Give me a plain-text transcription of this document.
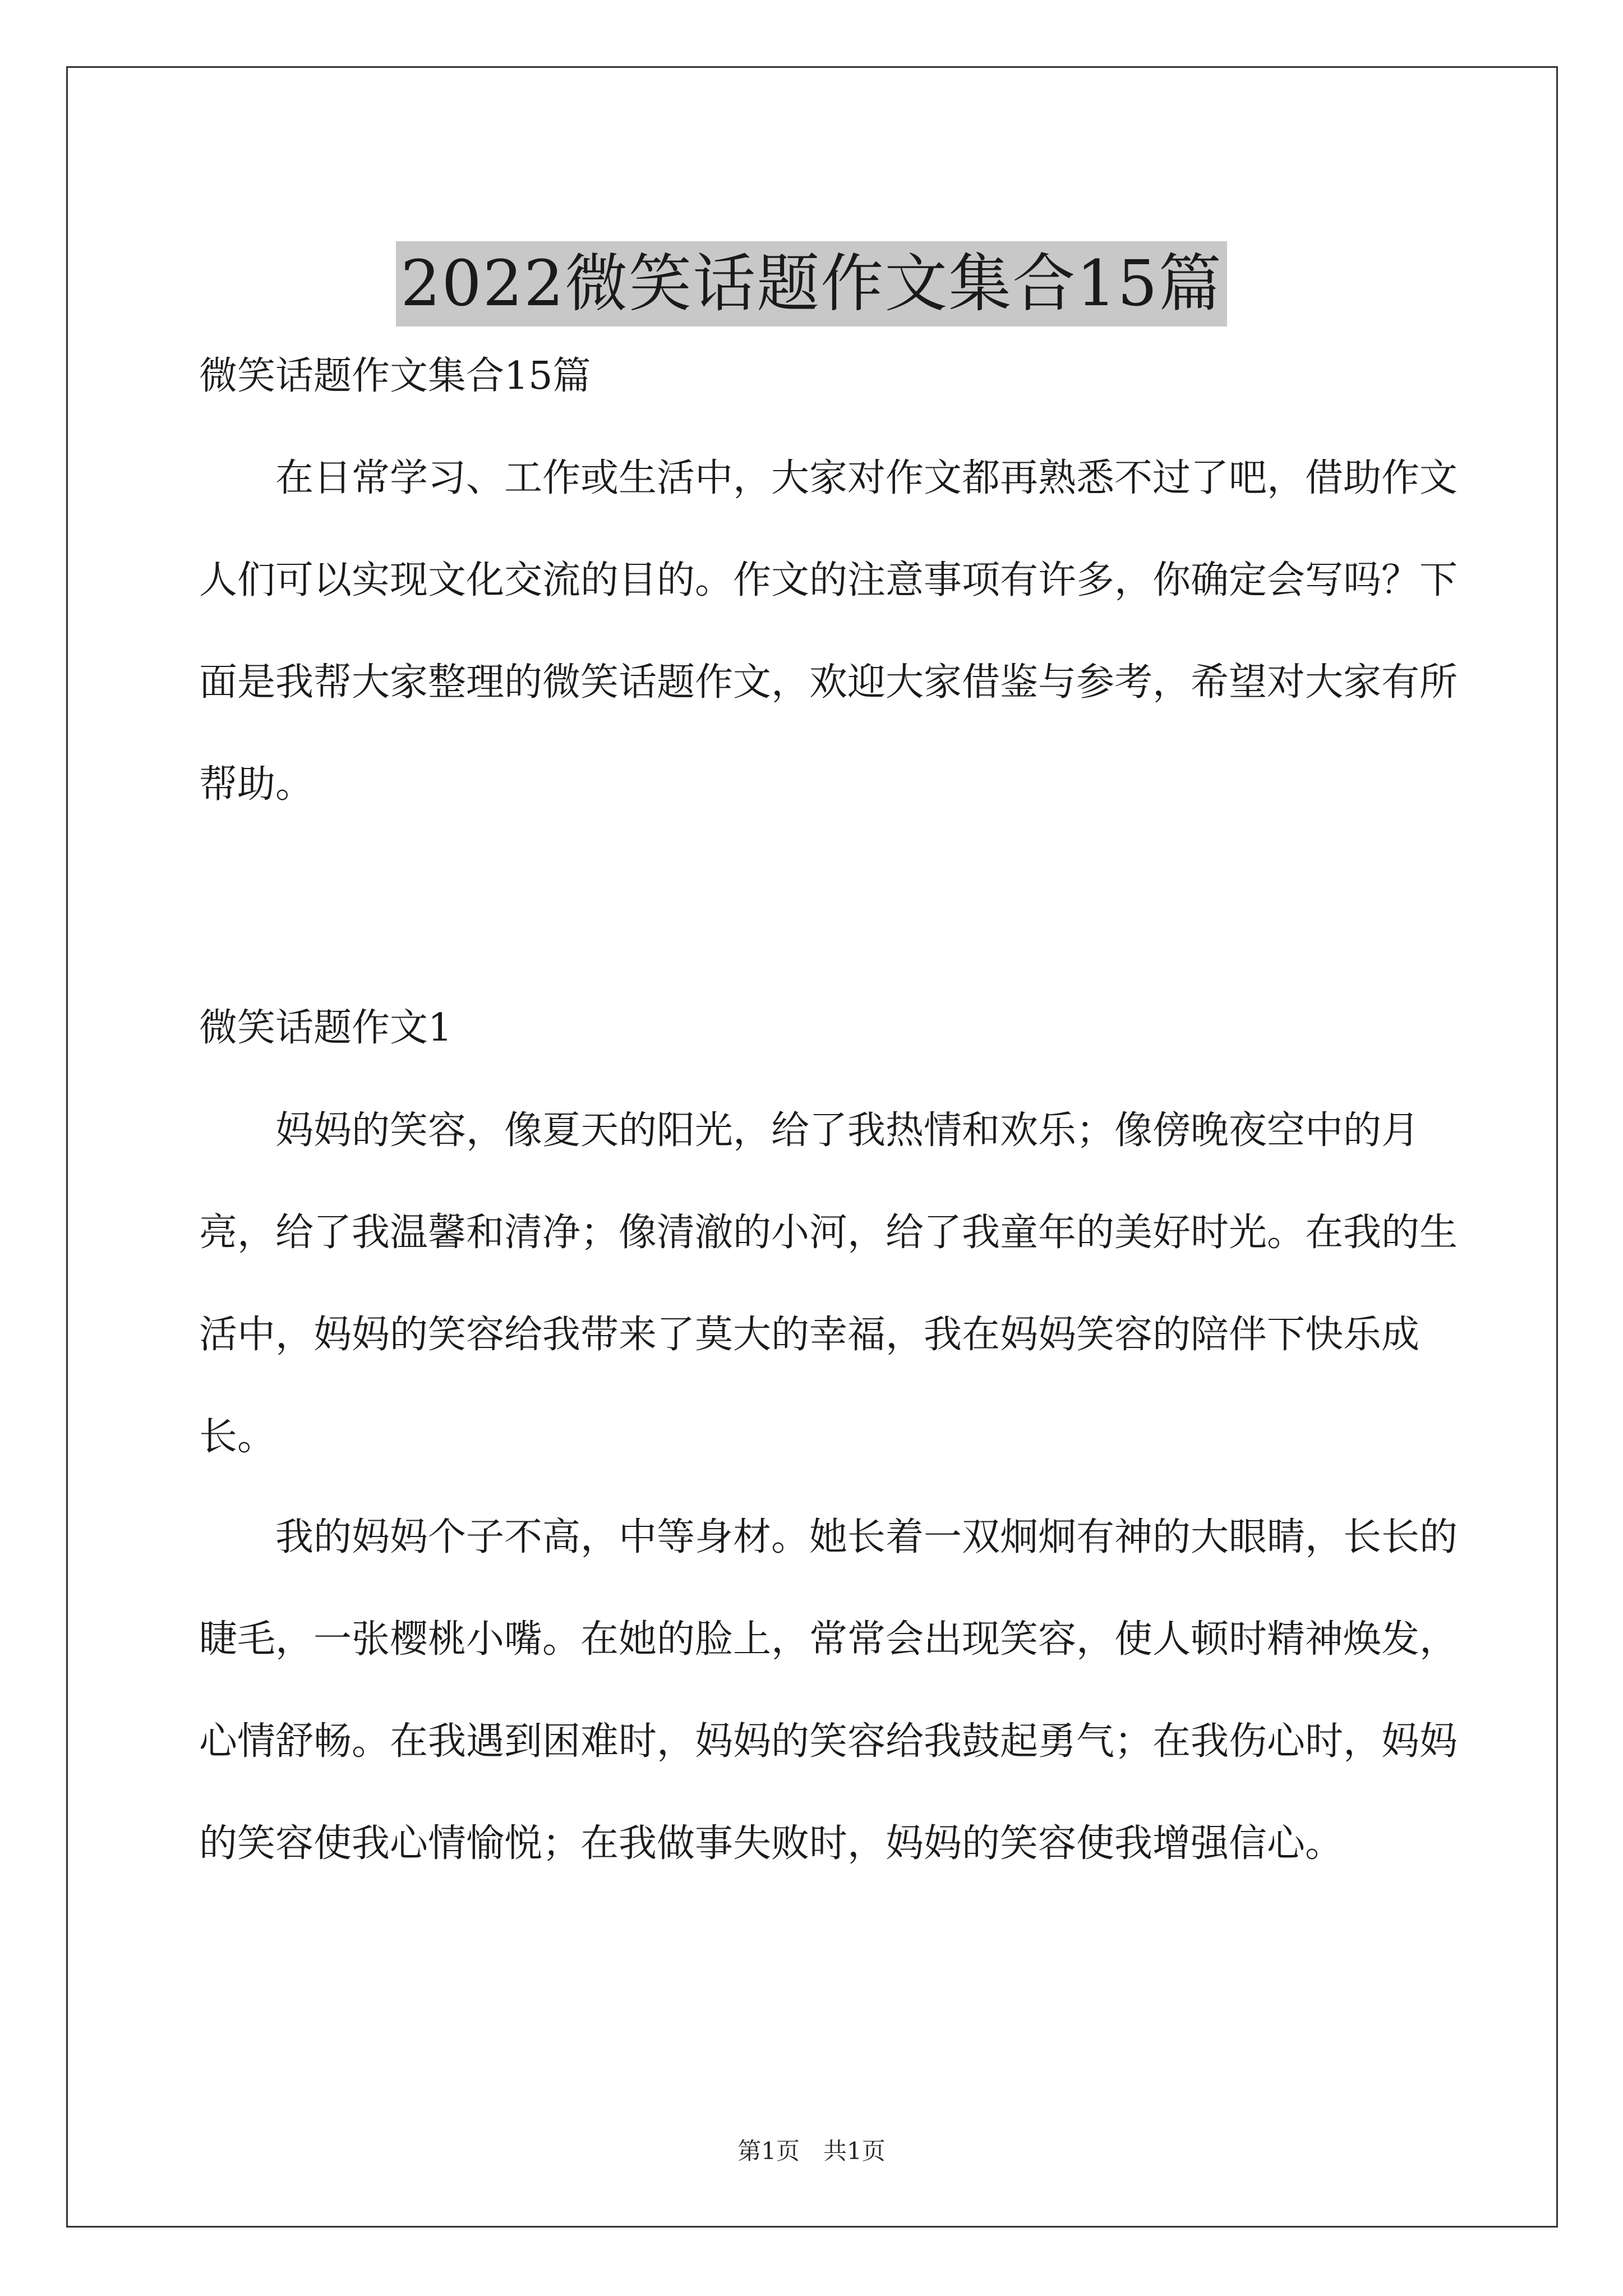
2022微笑话题作文集合15篇

微笑话题作文集合15篇

在日常学习、工作或生活中，大家对作文都再熟悉不过了吧，借助作文人们可以实现文化交流的目的。作文的注意事项有许多，你确定会写吗？下面是我帮大家整理的微笑话题作文，欢迎大家借鉴与参考，希望对大家有所帮助。

微笑话题作文1

妈妈的笑容，像夏天的阳光，给了我热情和欢乐；像傍晚夜空中的月亮，给了我温馨和清净；像清澈的小河，给了我童年的美好时光。在我的生活中，妈妈的笑容给我带来了莫大的幸福，我在妈妈笑容的陪伴下快乐成长。

我的妈妈个子不高，中等身材。她长着一双炯炯有神的大眼睛，长长的睫毛，一张樱桃小嘴。在她的脸上，常常会出现笑容，使人顿时精神焕发，心情舒畅。在我遇到困难时，妈妈的笑容给我鼓起勇气；在我伤心时，妈妈的笑容使我心情愉悦；在我做事失败时，妈妈的笑容使我增强信心。

第1页　共1页
